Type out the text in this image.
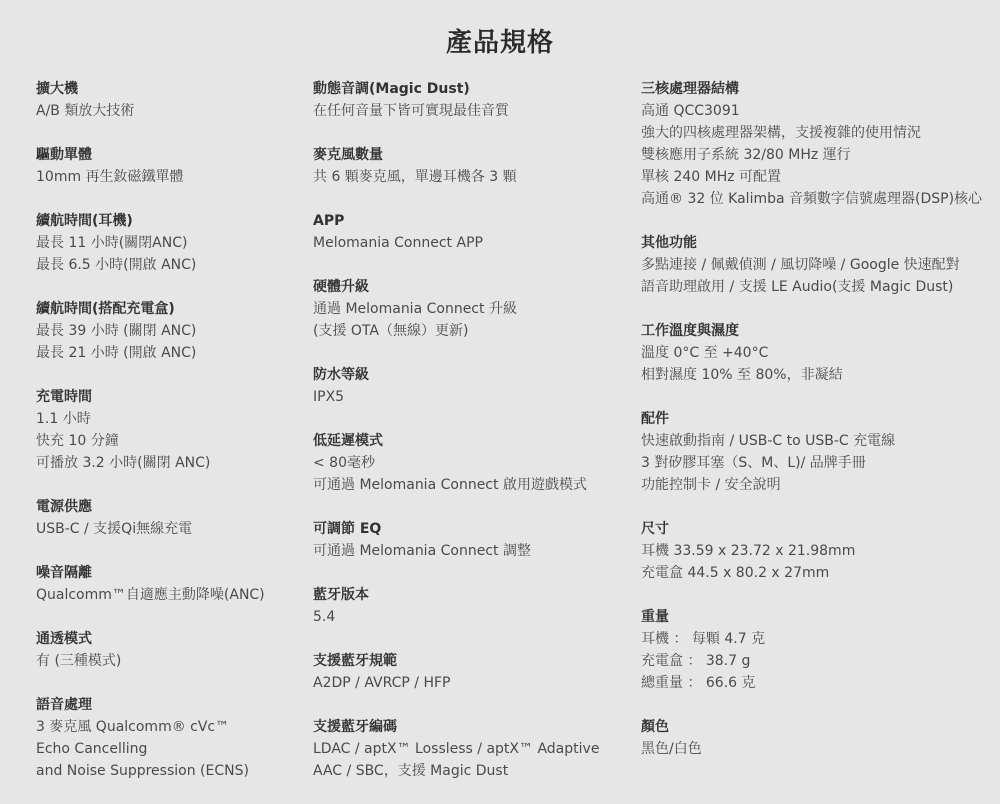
產品規格
擴大機

A/B 類放大技術

驅動單體

10mm 再生釹磁鐵單體

續航時間(耳機)

最長 11 小時(關閉ANC)

最長 6.5 小時(開啟 ANC)

續航時間(搭配充電盒)

最長 39 小時 (關閉 ANC)

最長 21 小時 (開啟 ANC)

充電時間

1.1 小時

快充 10 分鐘

可播放 3.2 小時(關閉 ANC)

電源供應

USB-C / 支援Qi無線充電

噪音隔離

Qualcomm™自適應主動降噪(ANC)

通透模式

有 (三種模式)

語音處理

3 麥克風 Qualcomm® cVc™

Echo Cancelling

and Noise Suppression (ECNS)

動態音調(Magic Dust)

在任何音量下皆可實現最佳音質

麥克風數量

共 6 顆麥克風，單邊耳機各 3 顆

APP

Melomania Connect APP

硬體升級

通過 Melomania Connect 升級

(支援 OTA（無線）更新)

防水等級

IPX5

低延遲模式

< 80毫秒

可通過 Melomania Connect 啟用遊戲模式

可調節 EQ

可通過 Melomania Connect 調整

藍牙版本

5.4

支援藍牙規範

A2DP / AVRCP / HFP

支援藍牙編碼

LDAC / aptX™ Lossless / aptX™ Adaptive

AAC / SBC，支援 Magic Dust

三核處理器結構

高通 QCC3091

強大的四核處理器架構，支援複雜的使用情況

雙核應用子系統 32/80 MHz 運行

單核 240 MHz 可配置

高通® 32 位 Kalimba 音頻數字信號處理器(DSP)核心

其他功能

多點連接 / 佩戴偵測 / 風切降噪 / Google 快速配對

語音助理啟用 / 支援 LE Audio(支援 Magic Dust)

工作溫度與濕度

溫度 0°C 至 +40°C

相對濕度 10% 至 80%，非凝結

配件

快速啟動指南 / USB-C to USB-C 充電線

3 對矽膠耳塞（S、M、L)/ 品牌手冊

功能控制卡 / 安全說明

尺寸

耳機 33.59 x 23.72 x 21.98mm

充電盒 44.5 x 80.2 x 27mm

重量

耳機 ： 每顆 4.7 克

充電盒 ： 38.7 g

總重量 ： 66.6 克

顏色

黑色/白色
